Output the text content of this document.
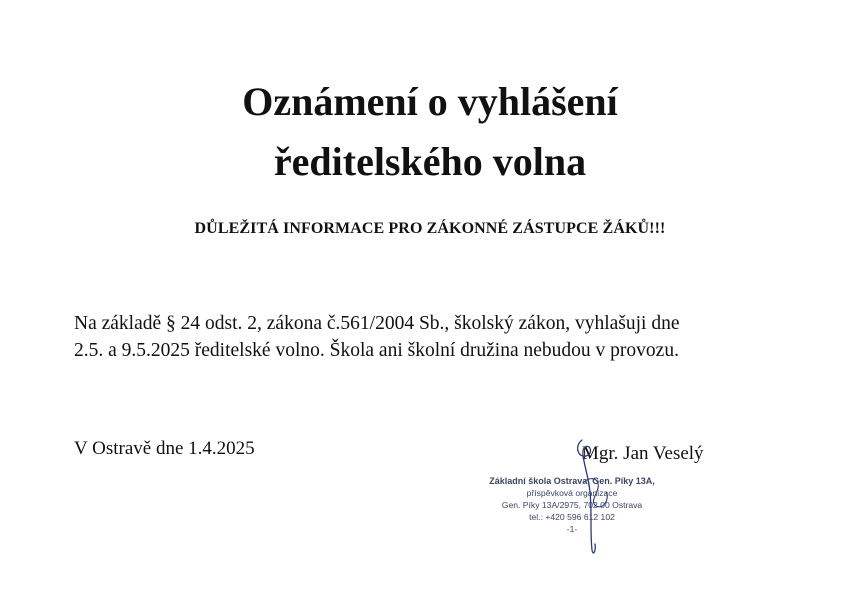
Oznámení o vyhlášení
ředitelského volna
DŮLEŽITÁ INFORMACE PRO ZÁKONNÉ ZÁSTUPCE ŽÁKŮ!!!
Na základě § 24 odst. 2, zákona č.561/2004 Sb., školský zákon, vyhlašuji dne
2.5. a 9.5.2025 ředitelské volno. Škola ani školní družina nebudou v provozu.
V Ostravě dne 1.4.2025	Mgr. Jan Veselý
Základní škola Ostrava, Gen. Píky 13A,
příspěvková organizace
Gen. Píky 13A/2975, 702 00 Ostrava
tel.: +420 596 612 102
-1-
